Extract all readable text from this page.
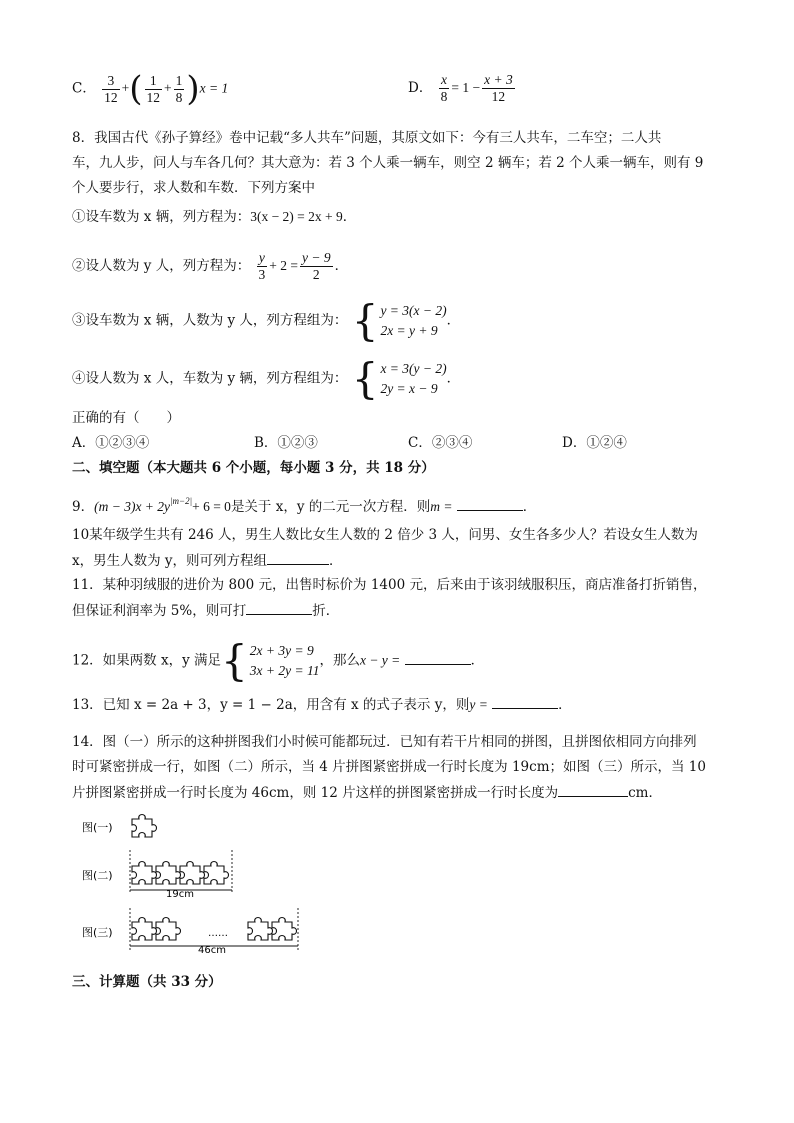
C． $\frac{3}{12}$ +( $\frac{1}{12} + \frac{1}{8} )x = 1$	D． $\frac{x}{8} = 1 - \frac{x + 3}{12}$
8．我国古代《孙子算经》卷中记载“多人共车”问题，其原文如下：今有三人共车，二车空；二人共
车，九人步，问人与车各几何？其大意为：若 3 个人乘一辆车，则空 2 辆车；若 2 个人乘一辆车，则有 9
个人要步行，求人数和车数．下列方案中
①设车数为 x 辆，列方程为：3(x − 2) = 2x + 9．
②设人数为 y 人，列方程为： $\frac{y}{3} + 2 = \frac{y - 9}{2}$ ．
③设车数为 x 辆，人数为 y 人，列方程组为： { y = 3(x − 2)
2x = y + 9
．
④设人数为 x 人，车数为 y 辆，列方程组为： { x = 3(y − 2)
2y = x − 9
．
正确的有（　　）
A．①②③④	B．①②③	C．②③④	D．①②④
二、填空题（本大题共 6 个小题，每小题 3 分，共 18 分）
9．$(m - 3)x + 2y^{|m-2|}+ 6 = 0$是关于 x，y 的二元一次方程．则m =	．
10某年级学生共有 246 人，男生人数比女生人数的 2 倍少 3 人，问男、女生各多少人？若设女生人数为
x，男生人数为 y，则可列方程组	．
11．某种羽绒服的进价为 800 元，出售时标价为 1400 元，后来由于该羽绒服积压，商店准备打折销售，
但保证利润率为 5%，则可打	折．
12．如果两数 x，y 满足{ 2x + 3y = 9
3x + 2y = 11
，那么x − y =	．
13．已知 x = 2a + 3，y = 1 − 2a，用含有 x 的式子表示 y，则y =	．
14．图（一）所示的这种拼图我们小时候可能都玩过．已知有若干片相同的拼图，且拼图依相同方向排列
时可紧密拼成一行，如图（二）所示，当 4 片拼图紧密拼成一行时长度为 19cm；如图（三）所示，当 10
片拼图紧密拼成一行时长度为 46cm，则 12 片这样的拼图紧密拼成一行时长度为	cm．
图(一)
图(二)
19cm
图(三)	……
46cm
三、计算题（共 33 分）
